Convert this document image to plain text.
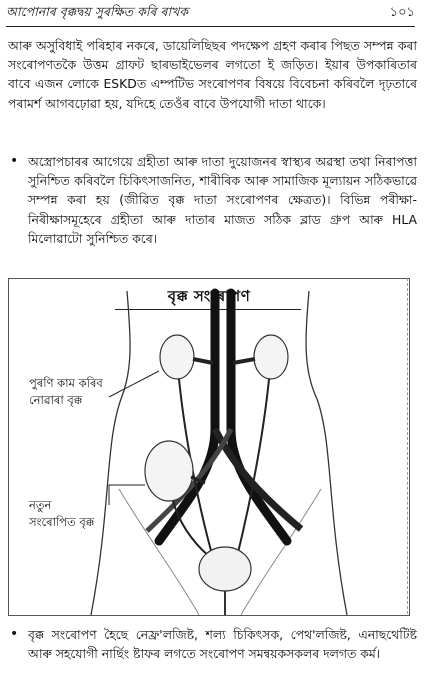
আপোনাৰ বৃক্কদ্বয় সুৰক্ষিত কৰি ৰাখক	১০১
আৰু অসুবিধাই পৰিহাৰ নকৰে, ডায়েলিছিছৰ পদক্ষেপ গ্ৰহণ কৰাৰ পিছত সম্পন্ন কৰা সংৰোপণতকৈ উত্তম গ্ৰাফট ছাৰভাইভেলৰ লগতো ই জড়িত। ইয়াৰ উপকাৰিতাৰ বাবে এজন লোকে ESKDত এম্পটিভ সংৰোপণৰ বিষয়ে বিবেচনা কৰিবলৈ দৃঢ়তাৰে পৰামৰ্শ আগবঢ়োৱা হয়, যদিহে তেওঁৰ বাবে উপযোগী দাতা থাকে।
• অস্ত্ৰোপচাৰৰ আগেয়ে গ্ৰহীতা আৰু দাতা দুয়োজনৰ স্বাস্থ্যৰ অৱস্থা তথা নিৰাপত্তা সুনিশ্চিত কৰিবলৈ চিকিৎসাজনিত, শাৰীৰিক আৰু সামাজিক মূল্যায়ন সঠিকভাৱে সম্পন্ন কৰা হয় (জীৱিত বৃক্ক দাতা সংৰোপণৰ ক্ষেত্ৰত)। বিভিন্ন পৰীক্ষা-নিৰীক্ষাসমূহেৰে গ্ৰহীতা আৰু দাতাৰ মাজত সঠিক ব্লাড গ্ৰুপ আৰু HLA মিলোৱাটো সুনিশ্চিত কৰে।
বৃক্ক সংৰোপণ
পুৰণি কাম কৰিব
নোৱাৰা বৃক্ক
নতুন
সংৰোপিত বৃক্ক
• বৃক্ক সংৰোপণ হৈছে নেফ্ৰ'লজিষ্ট, শল্য চিকিৎসক, পেথ'লজিষ্ট, এনাছথেটিষ্ট আৰু সহযোগী নাৰ্ছিং ষ্টাফৰ লগতে সংৰোপণ সমন্বয়কসকলৰ দলগত কৰ্ম।
